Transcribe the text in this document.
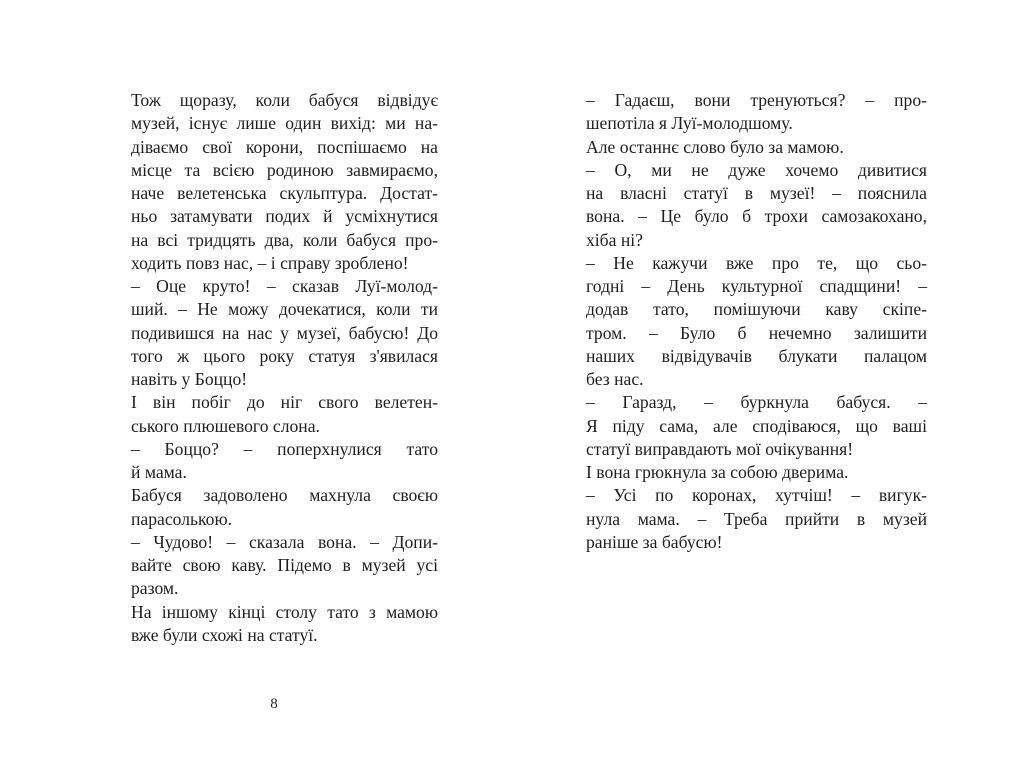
Тож щоразу, коли бабуся відвідує
музей, існує лише один вихід: ми на-
діваємо свої корони, поспішаємо на
місце та всією родиною завмираємо,
наче велетенська скульптура. Достат-
ньо затамувати подих й усміхнутися
на всі тридцять два, коли бабуся про-
ходить повз нас, – і справу зроблено!
– Оце круто! – сказав Луї-молод-
ший. – Не можу дочекатися, коли ти
подивишся на нас у музеї, бабусю! До
того ж цього року статуя з'явилася
навіть у Боццо!
І він побіг до ніг свого велетен-
ського плюшевого слона.
– Боццо? – поперхнулися тато
й мама.
Бабуся задоволено махнула своєю
парасолькою.
– Чудово! – сказала вона. – Допи-
вайте свою каву. Підемо в музей усі
разом.
На іншому кінці столу тато з мамою
вже були схожі на статуї.
8
– Гадаєш, вони тренуються? – про-
шепотіла я Луї-молодшому.
Але останнє слово було за мамою.
– О, ми не дуже хочемо дивитися
на власні статуї в музеї! – пояснила
вона. – Це було б трохи самозакохано,
хіба ні?
– Не кажучи вже про те, що сьо-
годні – День культурної спадщини! –
додав тато, помішуючи каву скіпе-
тром. – Було б нечемно залишити
наших відвідувачів блукати палацом
без нас.
– Гаразд, – буркнула бабуся. –
Я піду сама, але сподіваюся, що ваші
статуї виправдають мої очікування!
І вона грюкнула за собою дверима.
– Усі по коронах, хутчіш! – вигук-
нула мама. – Треба прийти в музей
раніше за бабусю!
